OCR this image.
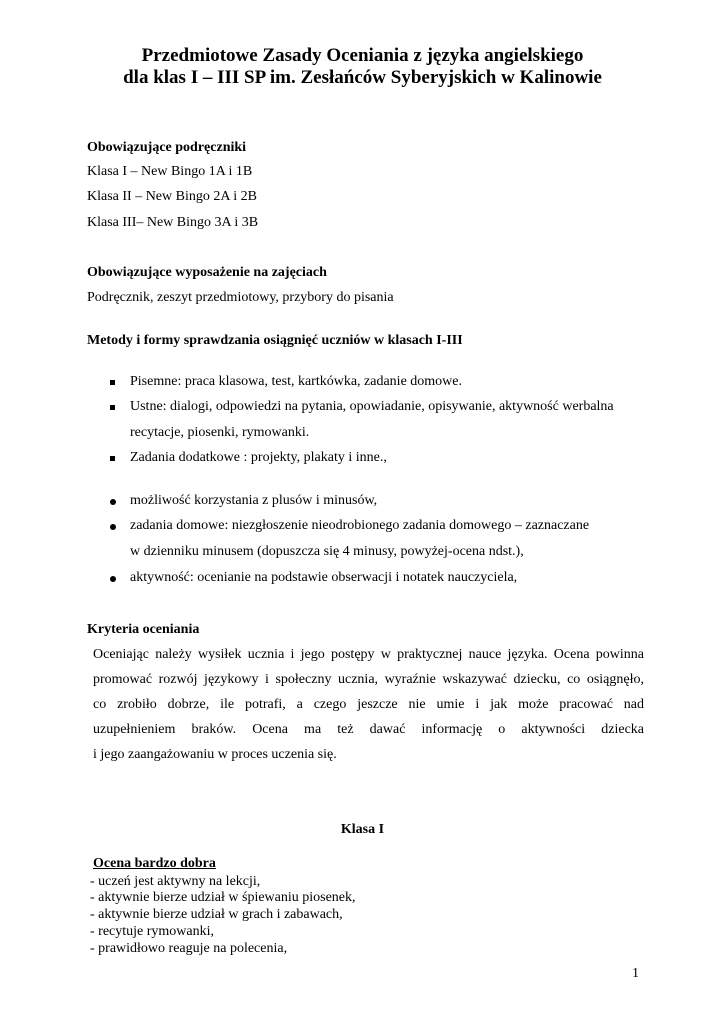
Przedmiotowe Zasady Oceniania z języka angielskiego
dla klas I – III SP im. Zesłańców Syberyjskich w Kalinowie
Obowiązujące podręczniki
Klasa I – New Bingo 1A i 1B
Klasa II – New Bingo 2A i 2B
Klasa III– New Bingo 3A i 3B
Obowiązujące wyposażenie na zajęciach
Podręcznik, zeszyt przedmiotowy, przybory do pisania
Metody i formy sprawdzania osiągnięć uczniów w klasach I-III
Pisemne: praca klasowa, test, kartkówka, zadanie domowe.
Ustne: dialogi, odpowiedzi na pytania, opowiadanie, opisywanie, aktywność werbalna
recytacje, piosenki, rymowanki.
Zadania dodatkowe : projekty, plakaty i inne.,
możliwość korzystania z plusów i minusów,
zadania domowe: niezgłoszenie nieodrobionego zadania domowego – zaznaczane
w dzienniku minusem (dopuszcza się 4 minusy, powyżej-ocena ndst.),
aktywność: ocenianie na podstawie obserwacji i notatek nauczyciela,
Kryteria oceniania
Oceniając należy wysiłek ucznia i jego postępy w praktycznej nauce języka. Ocena powinna
promować rozwój językowy i społeczny ucznia, wyraźnie wskazywać dziecku, co osiągnęło,
co zrobiło dobrze, ile potrafi, a czego jeszcze nie umie i jak może pracować nad
uzupełnieniem braków. Ocena ma też dawać informację o aktywności dziecka
i jego zaangażowaniu w proces uczenia się.
Klasa I
Ocena bardzo dobra
- uczeń jest aktywny na lekcji,
- aktywnie bierze udział w śpiewaniu piosenek,
- aktywnie bierze udział w grach i zabawach,
- recytuje rymowanki,
- prawidłowo reaguje na polecenia,
1
